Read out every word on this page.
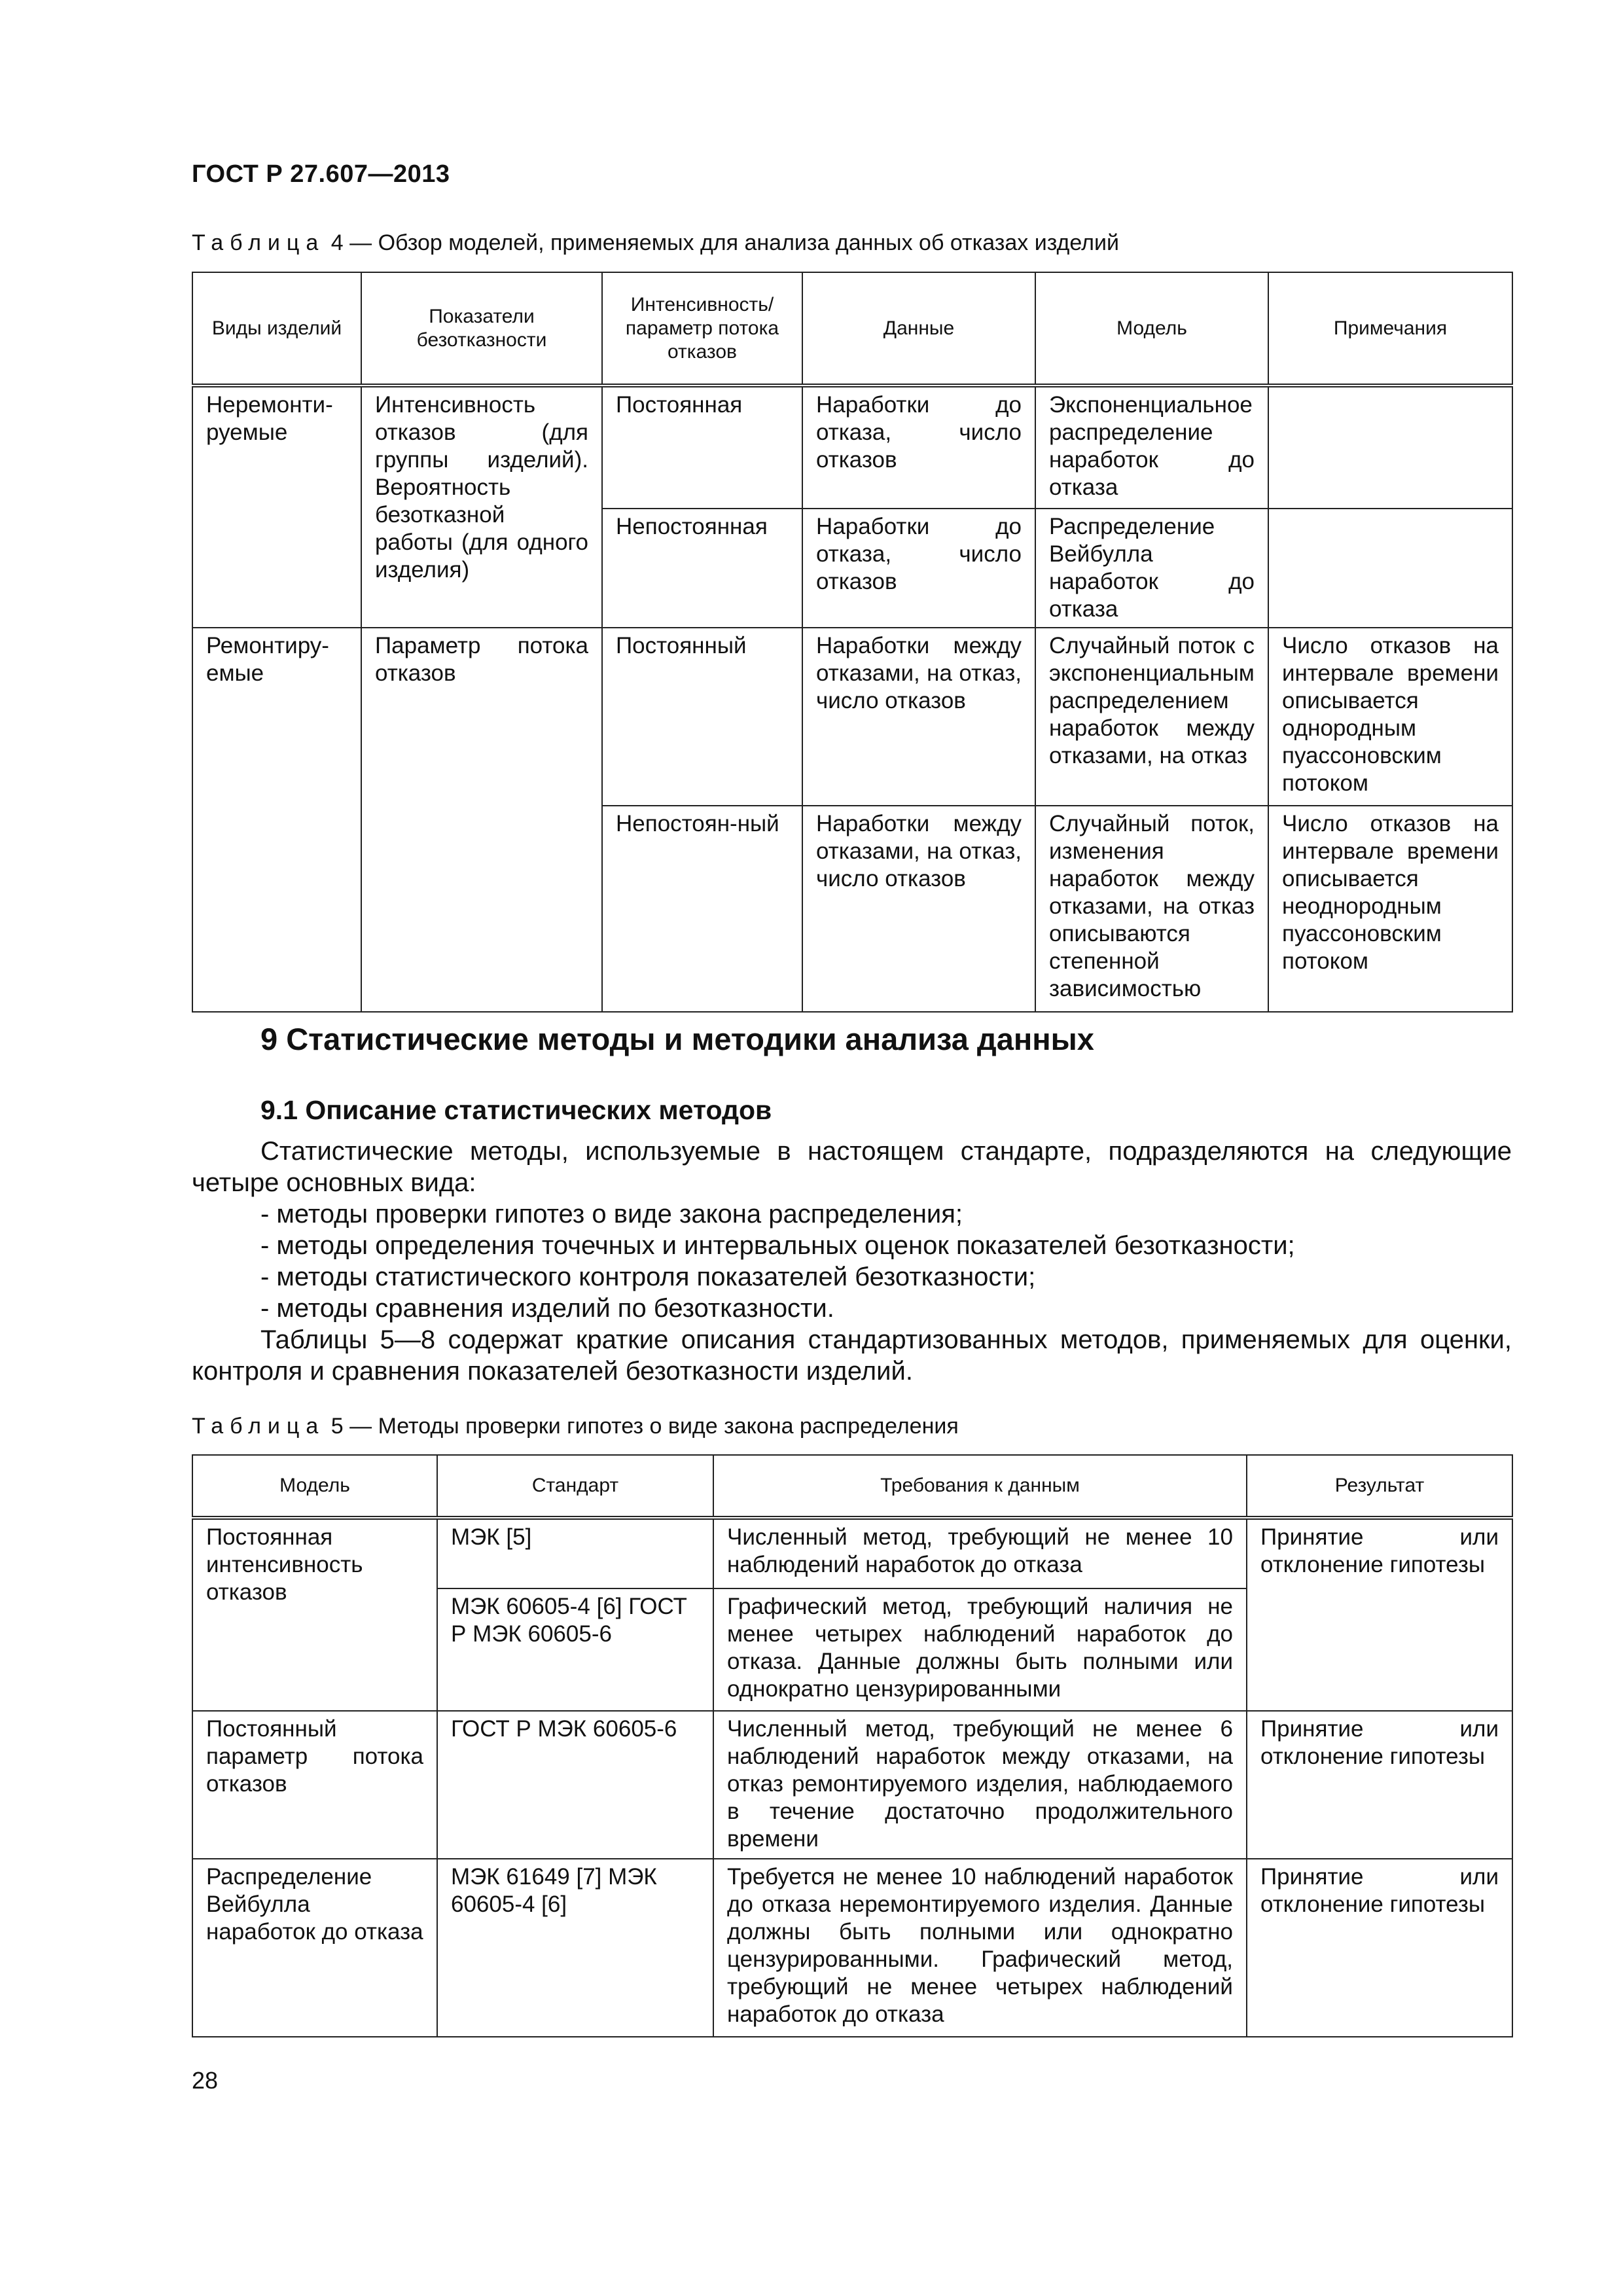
ГОСТ Р 27.607—2013
Таблица 4 — Обзор моделей, применяемых для анализа данных об отказах изделий
Виды изделий	Показатели безотказности	Интенсивность/ параметр потока отказов	Данные	Модель	Примечания
Неремонти-руемые	Интенсивность отказов (для группы изделий). Вероятность безотказной работы (для одного изделия)	Постоянная	Наработки до отказа, число отказов	Экспоненциальное распределение наработок до отказа	
		Непостоянная	Наработки до отказа, число отказов	Распределение Вейбулла наработок до отказа	
Ремонтиру-емые	Параметр потока отказов	Постоянный	Наработки между отказами, на отказ, число отказов	Случайный поток с экспоненциальным распределением наработок между отказами, на отказ	Число отказов на интервале времени описывается однородным пуассоновским потоком
		Непостоян-ный	Наработки между отказами, на отказ, число отказов	Случайный поток, изменения наработок между отказами, на отказ описываются степенной зависимостью	Число отказов на интервале времени описывается неоднородным пуассоновским потоком
9 Статистические методы и методики анализа данных
9.1 Описание статистических методов
Статистические методы, используемые в настоящем стандарте, подразделяются на следующие четыре основных вида:
- методы проверки гипотез о виде закона распределения;
- методы определения точечных и интервальных оценок показателей безотказности;
- методы статистического контроля показателей безотказности;
- методы сравнения изделий по безотказности.
Таблицы 5—8 содержат краткие описания стандартизованных методов, применяемых для оценки, контроля и сравнения показателей безотказности изделий.
Таблица 5 — Методы проверки гипотез о виде закона распределения
Модель	Стандарт	Требования к данным	Результат
Постоянная интенсивность отказов	МЭК [5]	Численный метод, требующий не менее 10 наблюдений наработок до отказа	Принятие или отклонение гипотезы
	МЭК 60605-4 [6] ГОСТ Р МЭК 60605-6	Графический метод, требующий наличия не менее четырех наблюдений наработок до отказа. Данные должны быть полными или однократно цензурированными	
Постоянный параметр потока отказов	ГОСТ Р МЭК 60605-6	Численный метод, требующий не менее 6 наблюдений наработок между отказами, на отказ ремонтируемого изделия, наблюдаемого в течение достаточно продолжительного времени	Принятие или отклонение гипотезы
Распределение Вейбулла наработок до отказа	МЭК 61649 [7] МЭК 60605-4 [6]	Требуется не менее 10 наблюдений наработок до отказа неремонтируемого изделия. Данные должны быть полными или однократно цензурированными. Графический метод, требующий не менее четырех наблюдений наработок до отказа	Принятие или отклонение гипотезы
28
